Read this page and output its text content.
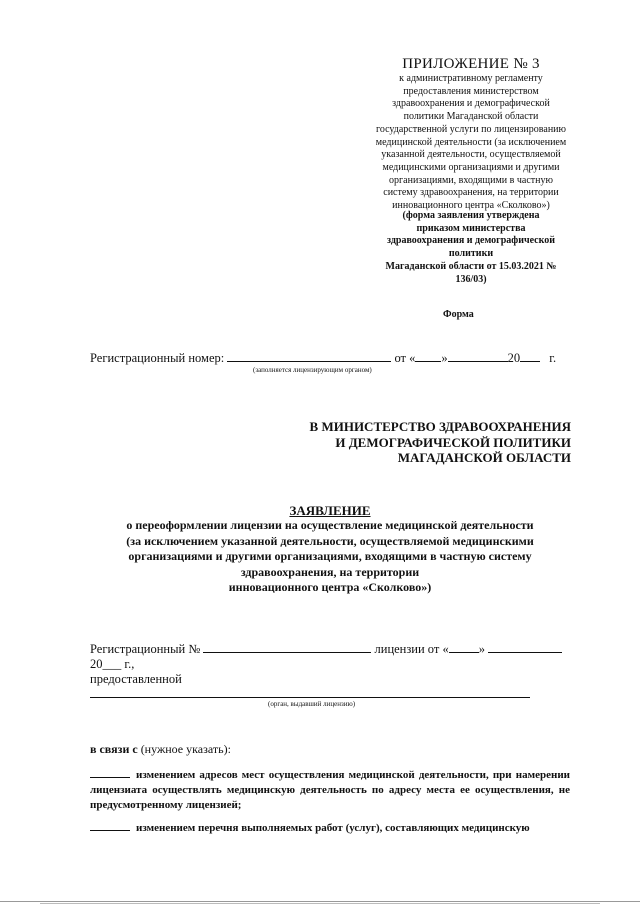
ПРИЛОЖЕНИЕ № 3
к административному регламенту
предоставления министерством
здравоохранения и демографической
политики Магаданской области
государственной услуги по лицензированию
медицинской деятельности (за исключением
указанной деятельности, осуществляемой
медицинскими организациями и другими
организациями, входящими в частную
систему здравоохранения, на территории
инновационного центра «Сколково»)
(форма заявления утверждена
приказом министерства
здравоохранения и демографической
политики
Магаданской области от 15.03.2021 №
136/03)
Форма
Регистрационный номер:	от « »	20 г.
(заполняется лицензирующим органом)
В МИНИСТЕРСТВО ЗДРАВООХРАНЕНИЯ
И ДЕМОГРАФИЧЕСКОЙ ПОЛИТИКИ
МАГАДАНСКОЙ ОБЛАСТИ
ЗАЯВЛЕНИЕ
о переоформлении лицензии на осуществление медицинской деятельности
(за исключением указанной деятельности, осуществляемой медицинскими
организациями и другими организациями, входящими в частную систему
здравоохранения, на территории
инновационного центра «Сколково»)
Регистрационный №	лицензии от « »
20___ г.,
предоставленной
(орган, выдавший лицензию)
в связи с (нужное указать):
изменением адресов мест осуществления медицинской деятельности, при намерении лицензиата осуществлять медицинскую деятельность по адресу места ее осуществления, не предусмотренному лицензией;
изменением перечня выполняемых работ (услуг), составляющих медицинскую
